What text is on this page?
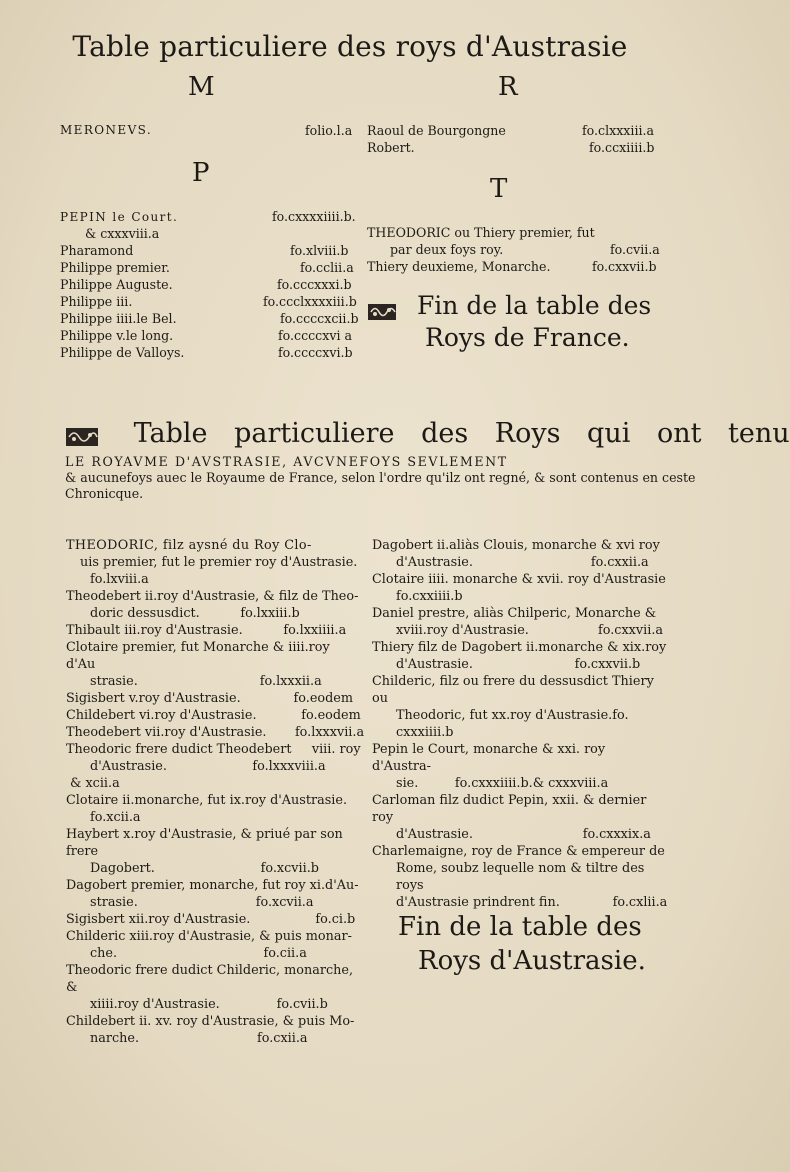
Table particuliere des roys d'Austrasie
M	R
MERONEVS.	folio.l.a
P
PEPIN le Court.	fo.cxxxxiiii.b.
& cxxxviii.a
Pharamond	fo.xlviii.b
Philippe premier.	fo.cclii.a
Philippe Auguste.	fo.cccxxxi.b
Philippe iii.	fo.ccclxxxxiii.b
Philippe iiii.le Bel.	fo.ccccxcii.b
Philippe v.le long.	fo.ccccxvi a
Philippe de Valloys.	fo.ccccxvi.b
Raoul de Bourgongne	fo.clxxxiii.a
Robert.	fo.ccxiiii.b
T
THEODORIC ou Thiery premier, fut
par deux foys roy.	fo.cvii.a
Thiery deuxieme, Monarche.	fo.cxxvii.b
Fin de la table des
Roys de France.
Table particuliere des Roys qui ont tenu
LE ROYAVME D'AVSTRASIE, AVCVNEFOYS SEVLEMENT
& aucunefoys auec le Royaume de France, selon l'ordre qu'ilz ont regné, & sont contenus en ceste
Chronicque.
THEODORIC, filz aysné du Roy Clo-
uis premier, fut le premier roy d'Austrasie.
fo.lxviii.a
Theodebert ii.roy d'Austrasie, & filz de Theo-
doric dessusdict.          fo.lxxiii.b
Thibault iii.roy d'Austrasie.          fo.lxxiiii.a
Clotaire premier, fut Monarche & iiii.roy d'Au
strasie.                              fo.lxxxii.a
Sigisbert v.roy d'Austrasie.             fo.eodem
Childebert vi.roy d'Austrasie.           fo.eodem
Theodebert vii.roy d'Austrasie.       fo.lxxxvii.a
Theodoric frere dudict Theodebert     viii. roy
d'Austrasie.                     fo.lxxxviii.a
& xcii.a
Clotaire ii.monarche, fut ix.roy d'Austrasie.
fo.xcii.a
Haybert x.roy d'Austrasie, & priué par son frere
Dagobert.                          fo.xcvii.b
Dagobert premier, monarche, fut roy xi.d'Au-
strasie.                             fo.xcvii.a
Sigisbert xii.roy d'Austrasie.                fo.ci.b
Childeric xiii.roy d'Austrasie, & puis monar-
che.                                    fo.cii.a
Theodoric frere dudict Childeric, monarche, &
xiiii.roy d'Austrasie.              fo.cvii.b
Childebert ii. xv. roy d'Austrasie, & puis Mo-
narche.                             fo.cxii.a
Dagobert ii.aliàs Clouis, monarche & xvi roy
d'Austrasie.                             fo.cxxii.a
Clotaire iiii. monarche & xvii. roy d'Austrasie
fo.cxxiiii.b
Daniel prestre, aliàs Chilperic, Monarche &
xviii.roy d'Austrasie.                 fo.cxxvii.a
Thiery filz de Dagobert ii.monarche & xix.roy
d'Austrasie.                         fo.cxxvii.b
Childeric, filz ou frere du dessusdict Thiery ou
Theodoric, fut xx.roy d'Austrasie.fo.
cxxxiiii.b
Pepin le Court, monarche & xxi. roy d'Austra-
sie.         fo.cxxxiiii.b.& cxxxviii.a
Carloman filz dudict Pepin, xxii. & dernier roy
d'Austrasie.                           fo.cxxxix.a
Charlemaigne, roy de France & empereur de
Rome, soubz lequelle nom & tiltre des roys
d'Austrasie prindrent fin.             fo.cxlii.a
Fin de la table des
Roys d'Austrasie.
